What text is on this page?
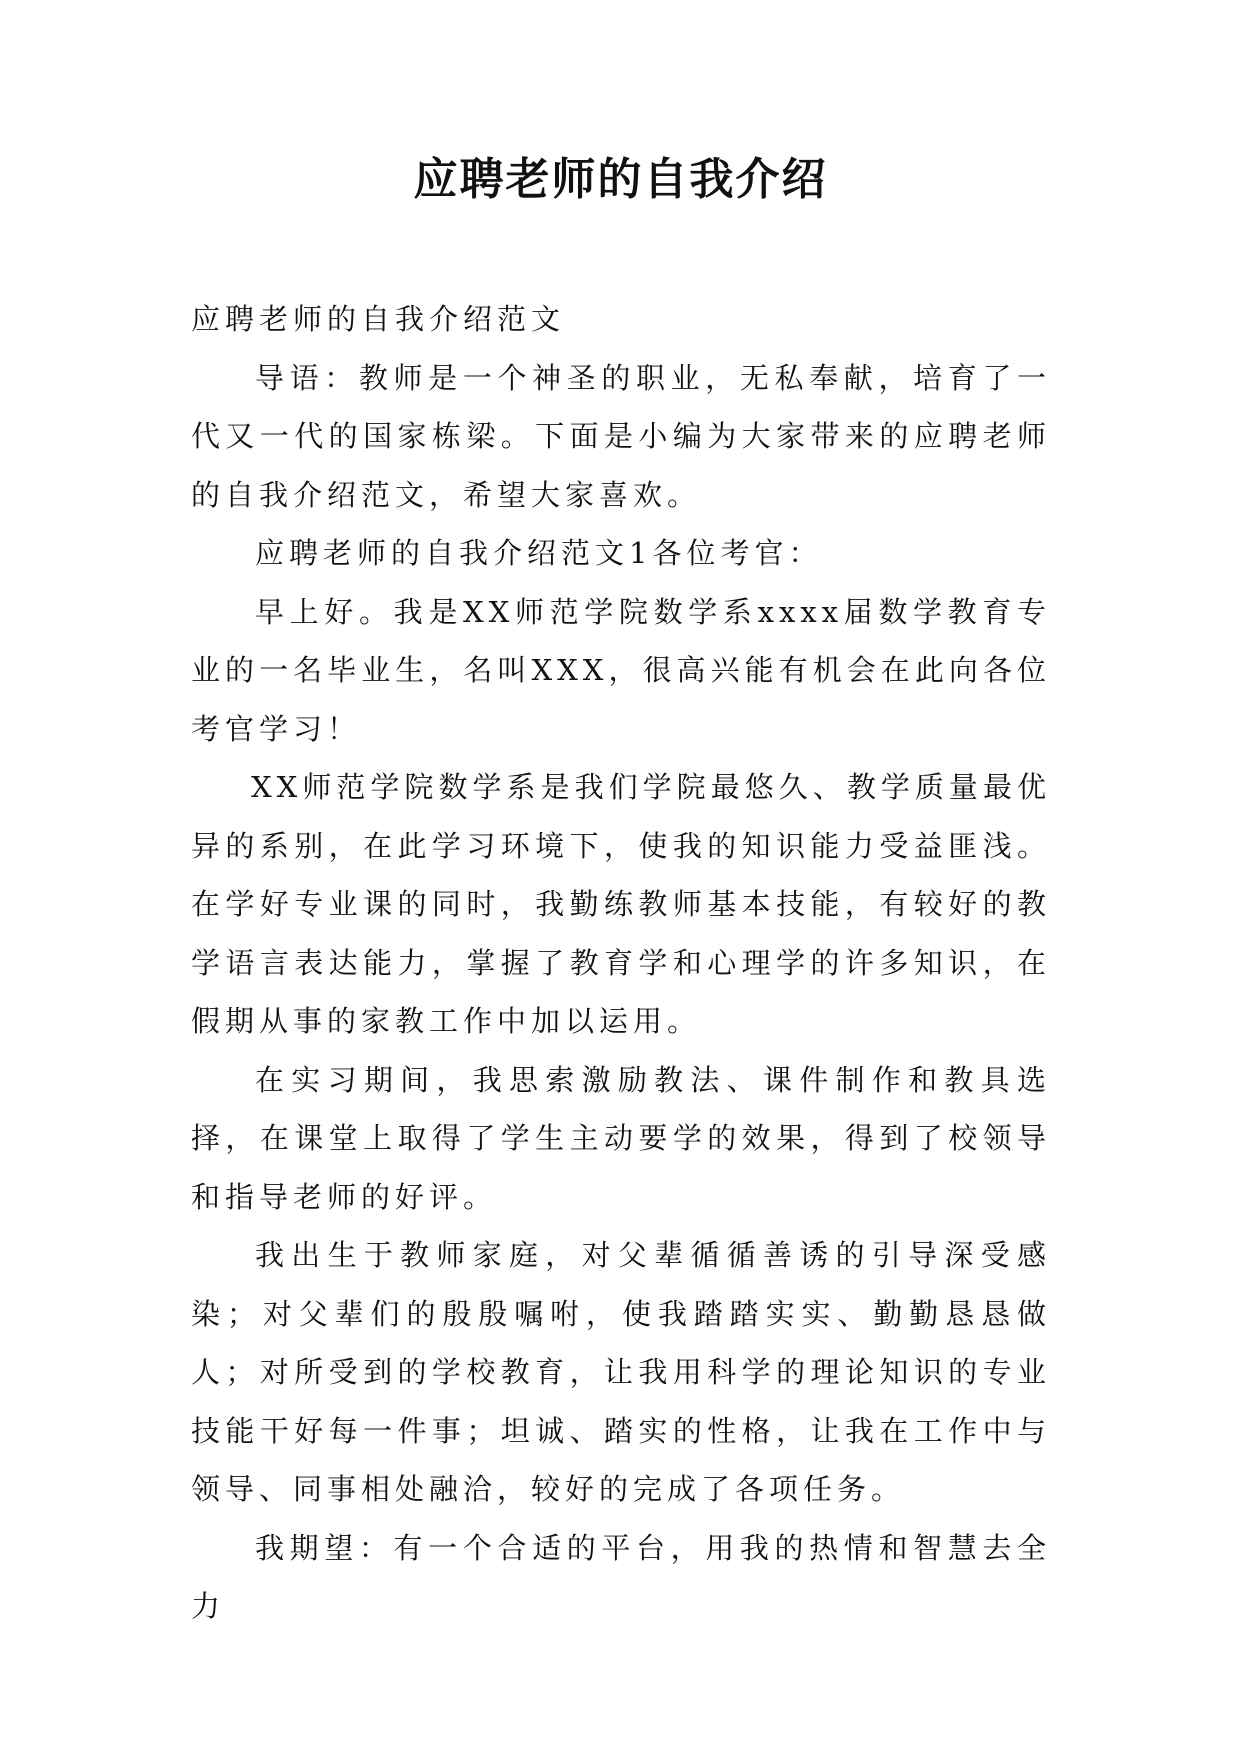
应聘老师的自我介绍

应聘老师的自我介绍范文

导语：教师是一个神圣的职业，无私奉献，培育了一代又一代的国家栋梁。下面是小编为大家带来的应聘老师的自我介绍范文，希望大家喜欢。

应聘老师的自我介绍范文1各位考官：

早上好。我是XX师范学院数学系xxxx届数学教育专业的一名毕业生，名叫XXX，很高兴能有机会在此向各位考官学习！

XX师范学院数学系是我们学院最悠久、教学质量最优异的系别，在此学习环境下，使我的知识能力受益匪浅。在学好专业课的同时，我勤练教师基本技能，有较好的教学语言表达能力，掌握了教育学和心理学的许多知识，在假期从事的家教工作中加以运用。

在实习期间，我思索激励教法、课件制作和教具选择，在课堂上取得了学生主动要学的效果，得到了校领导和指导老师的好评。

我出生于教师家庭，对父辈循循善诱的引导深受感染；对父辈们的殷殷嘱咐，使我踏踏实实、勤勤恳恳做人；对所受到的学校教育，让我用科学的理论知识的专业技能干好每一件事；坦诚、踏实的性格，让我在工作中与领导、同事相处融洽，较好的完成了各项任务。

我期望：有一个合适的平台，用我的热情和智慧去全力
